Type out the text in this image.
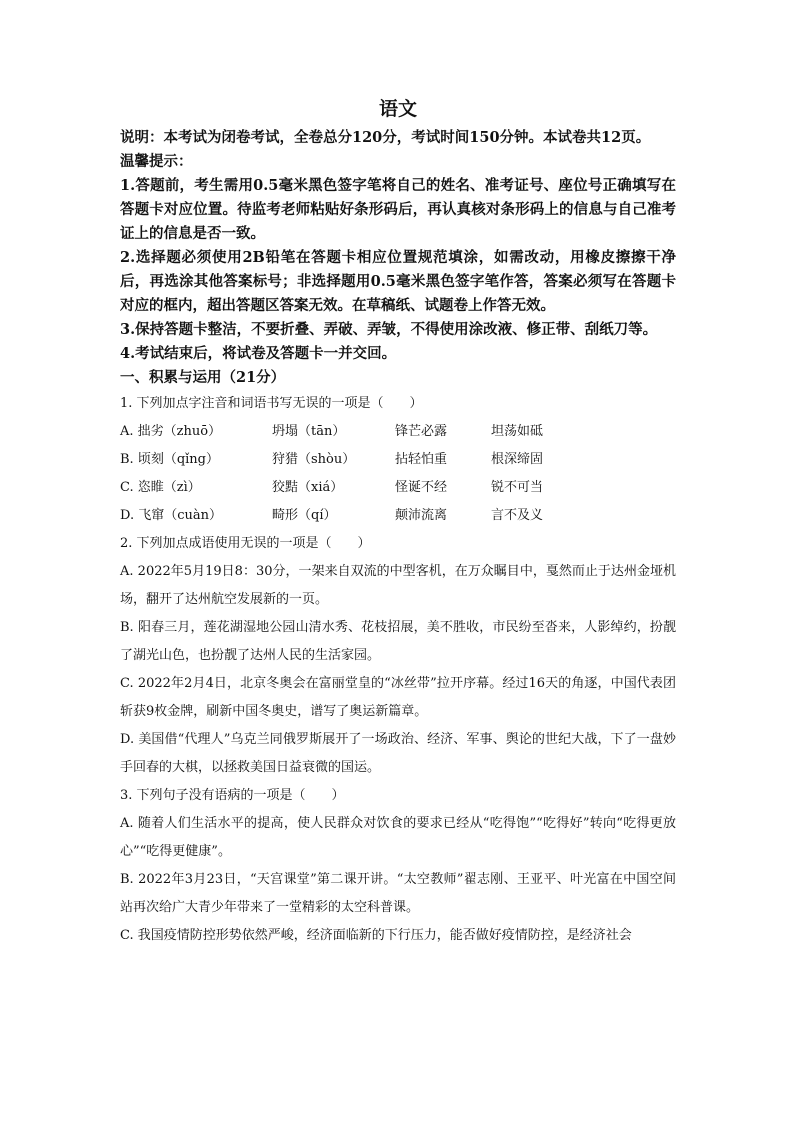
语文

说明：本考试为闭卷考试，全卷总分120分，考试时间150分钟。本试卷共12页。

温馨提示：

1.答题前，考生需用0.5毫米黑色签字笔将自己的姓名、准考证号、座位号正确填写在答题卡对应位置。待监考老师粘贴好条形码后，再认真核对条形码上的信息与自己准考证上的信息是否一致。

2.选择题必须使用2B铅笔在答题卡相应位置规范填涂，如需改动，用橡皮擦擦干净后，再选涂其他答案标号；非选择题用0.5毫米黑色签字笔作答，答案必须写在答题卡对应的框内，超出答题区答案无效。在草稿纸、试题卷上作答无效。

3.保持答题卡整洁，不要折叠、弄破、弄皱，不得使用涂改液、修正带、刮纸刀等。

4.考试结束后，将试卷及答题卡一并交回。

一、积累与运用（21分）

1. 下列加点字注音和词语书写无误的一项是（　　）

A. 拙劣（zhuō）	坍塌（tān）	锋芒必露	坦荡如砥
B. 顷刻（qǐng）	狩猎（shòu）	拈轻怕重	根深缔固
C. 恣睢（zì）	狡黠（xiá）	怪诞不经	锐不可当
D. 飞窜（cuàn）	畸形（qí）	颠沛流离	言不及义

2. 下列加点成语使用无误的一项是（　　）

A. 2022年5月19日8：30分，一架来自双流的中型客机，在万众瞩目中，戛然而止于达州金垭机场，翻开了达州航空发展新的一页。

B. 阳春三月，莲花湖湿地公园山清水秀、花枝招展，美不胜收，市民纷至沓来，人影绰约，扮靓了湖光山色，也扮靓了达州人民的生活家园。

C. 2022年2月4日，北京冬奥会在富丽堂皇的“冰丝带”拉开序幕。经过16天的角逐，中国代表团斩获9枚金牌，刷新中国冬奥史，谱写了奥运新篇章。

D. 美国借“代理人”乌克兰同俄罗斯展开了一场政治、经济、军事、舆论的世纪大战，下了一盘妙手回春的大棋，以拯救美国日益衰微的国运。

3. 下列句子没有语病的一项是（　　）

A. 随着人们生活水平的提高，使人民群众对饮食的要求已经从“吃得饱”“吃得好”转向“吃得更放心”“吃得更健康”。

B. 2022年3月23日，“天宫课堂”第二课开讲。“太空教师”翟志刚、王亚平、叶光富在中国空间站再次给广大青少年带来了一堂精彩的太空科普课。

C. 我国疫情防控形势依然严峻，经济面临新的下行压力，能否做好疫情防控，是经济社会
